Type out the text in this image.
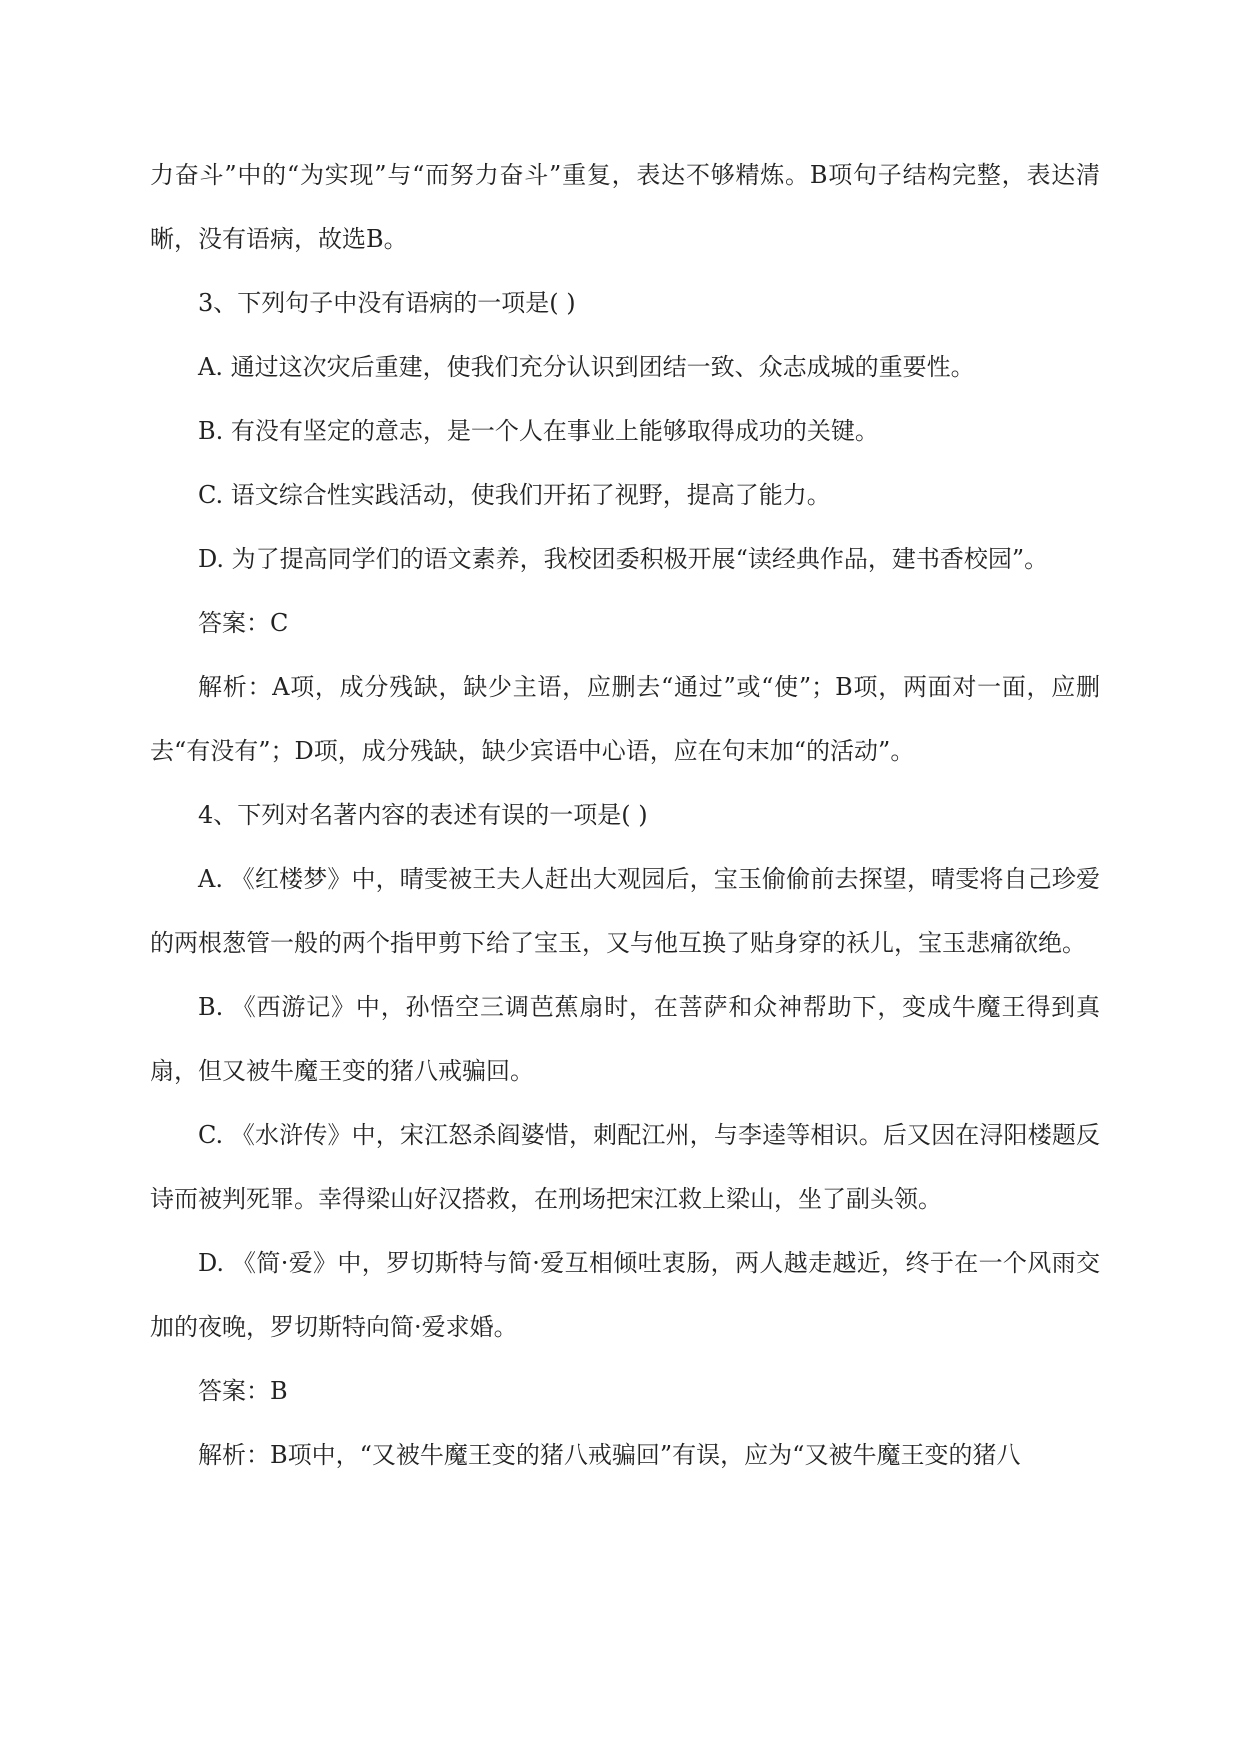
力奋斗”中的“为实现”与“而努力奋斗”重复，表达不够精炼。B项句子结构完整，表达清晰，没有语病，故选B。

3、下列句子中没有语病的一项是( )

A. 通过这次灾后重建，使我们充分认识到团结一致、众志成城的重要性。

B. 有没有坚定的意志，是一个人在事业上能够取得成功的关键。

C. 语文综合性实践活动，使我们开拓了视野，提高了能力。

D. 为了提高同学们的语文素养，我校团委积极开展“读经典作品，建书香校园”。

答案：C

解析：A项，成分残缺，缺少主语，应删去“通过”或“使”；B项，两面对一面，应删去“有没有”；D项，成分残缺，缺少宾语中心语，应在句末加“的活动”。

4、下列对名著内容的表述有误的一项是( )

A. 《红楼梦》中，晴雯被王夫人赶出大观园后，宝玉偷偷前去探望，晴雯将自己珍爱的两根葱管一般的两个指甲剪下给了宝玉，又与他互换了贴身穿的袄儿，宝玉悲痛欲绝。

B. 《西游记》中，孙悟空三调芭蕉扇时，在菩萨和众神帮助下，变成牛魔王得到真扇，但又被牛魔王变的猪八戒骗回。

C. 《水浒传》中，宋江怒杀阎婆惜，刺配江州，与李逵等相识。后又因在浔阳楼题反诗而被判死罪。幸得梁山好汉搭救，在刑场把宋江救上梁山，坐了副头领。

D. 《简·爱》中，罗切斯特与简·爱互相倾吐衷肠，两人越走越近，终于在一个风雨交加的夜晚，罗切斯特向简·爱求婚。

答案：B

解析：B项中，“又被牛魔王变的猪八戒骗回”有误，应为“又被牛魔王变的猪八
